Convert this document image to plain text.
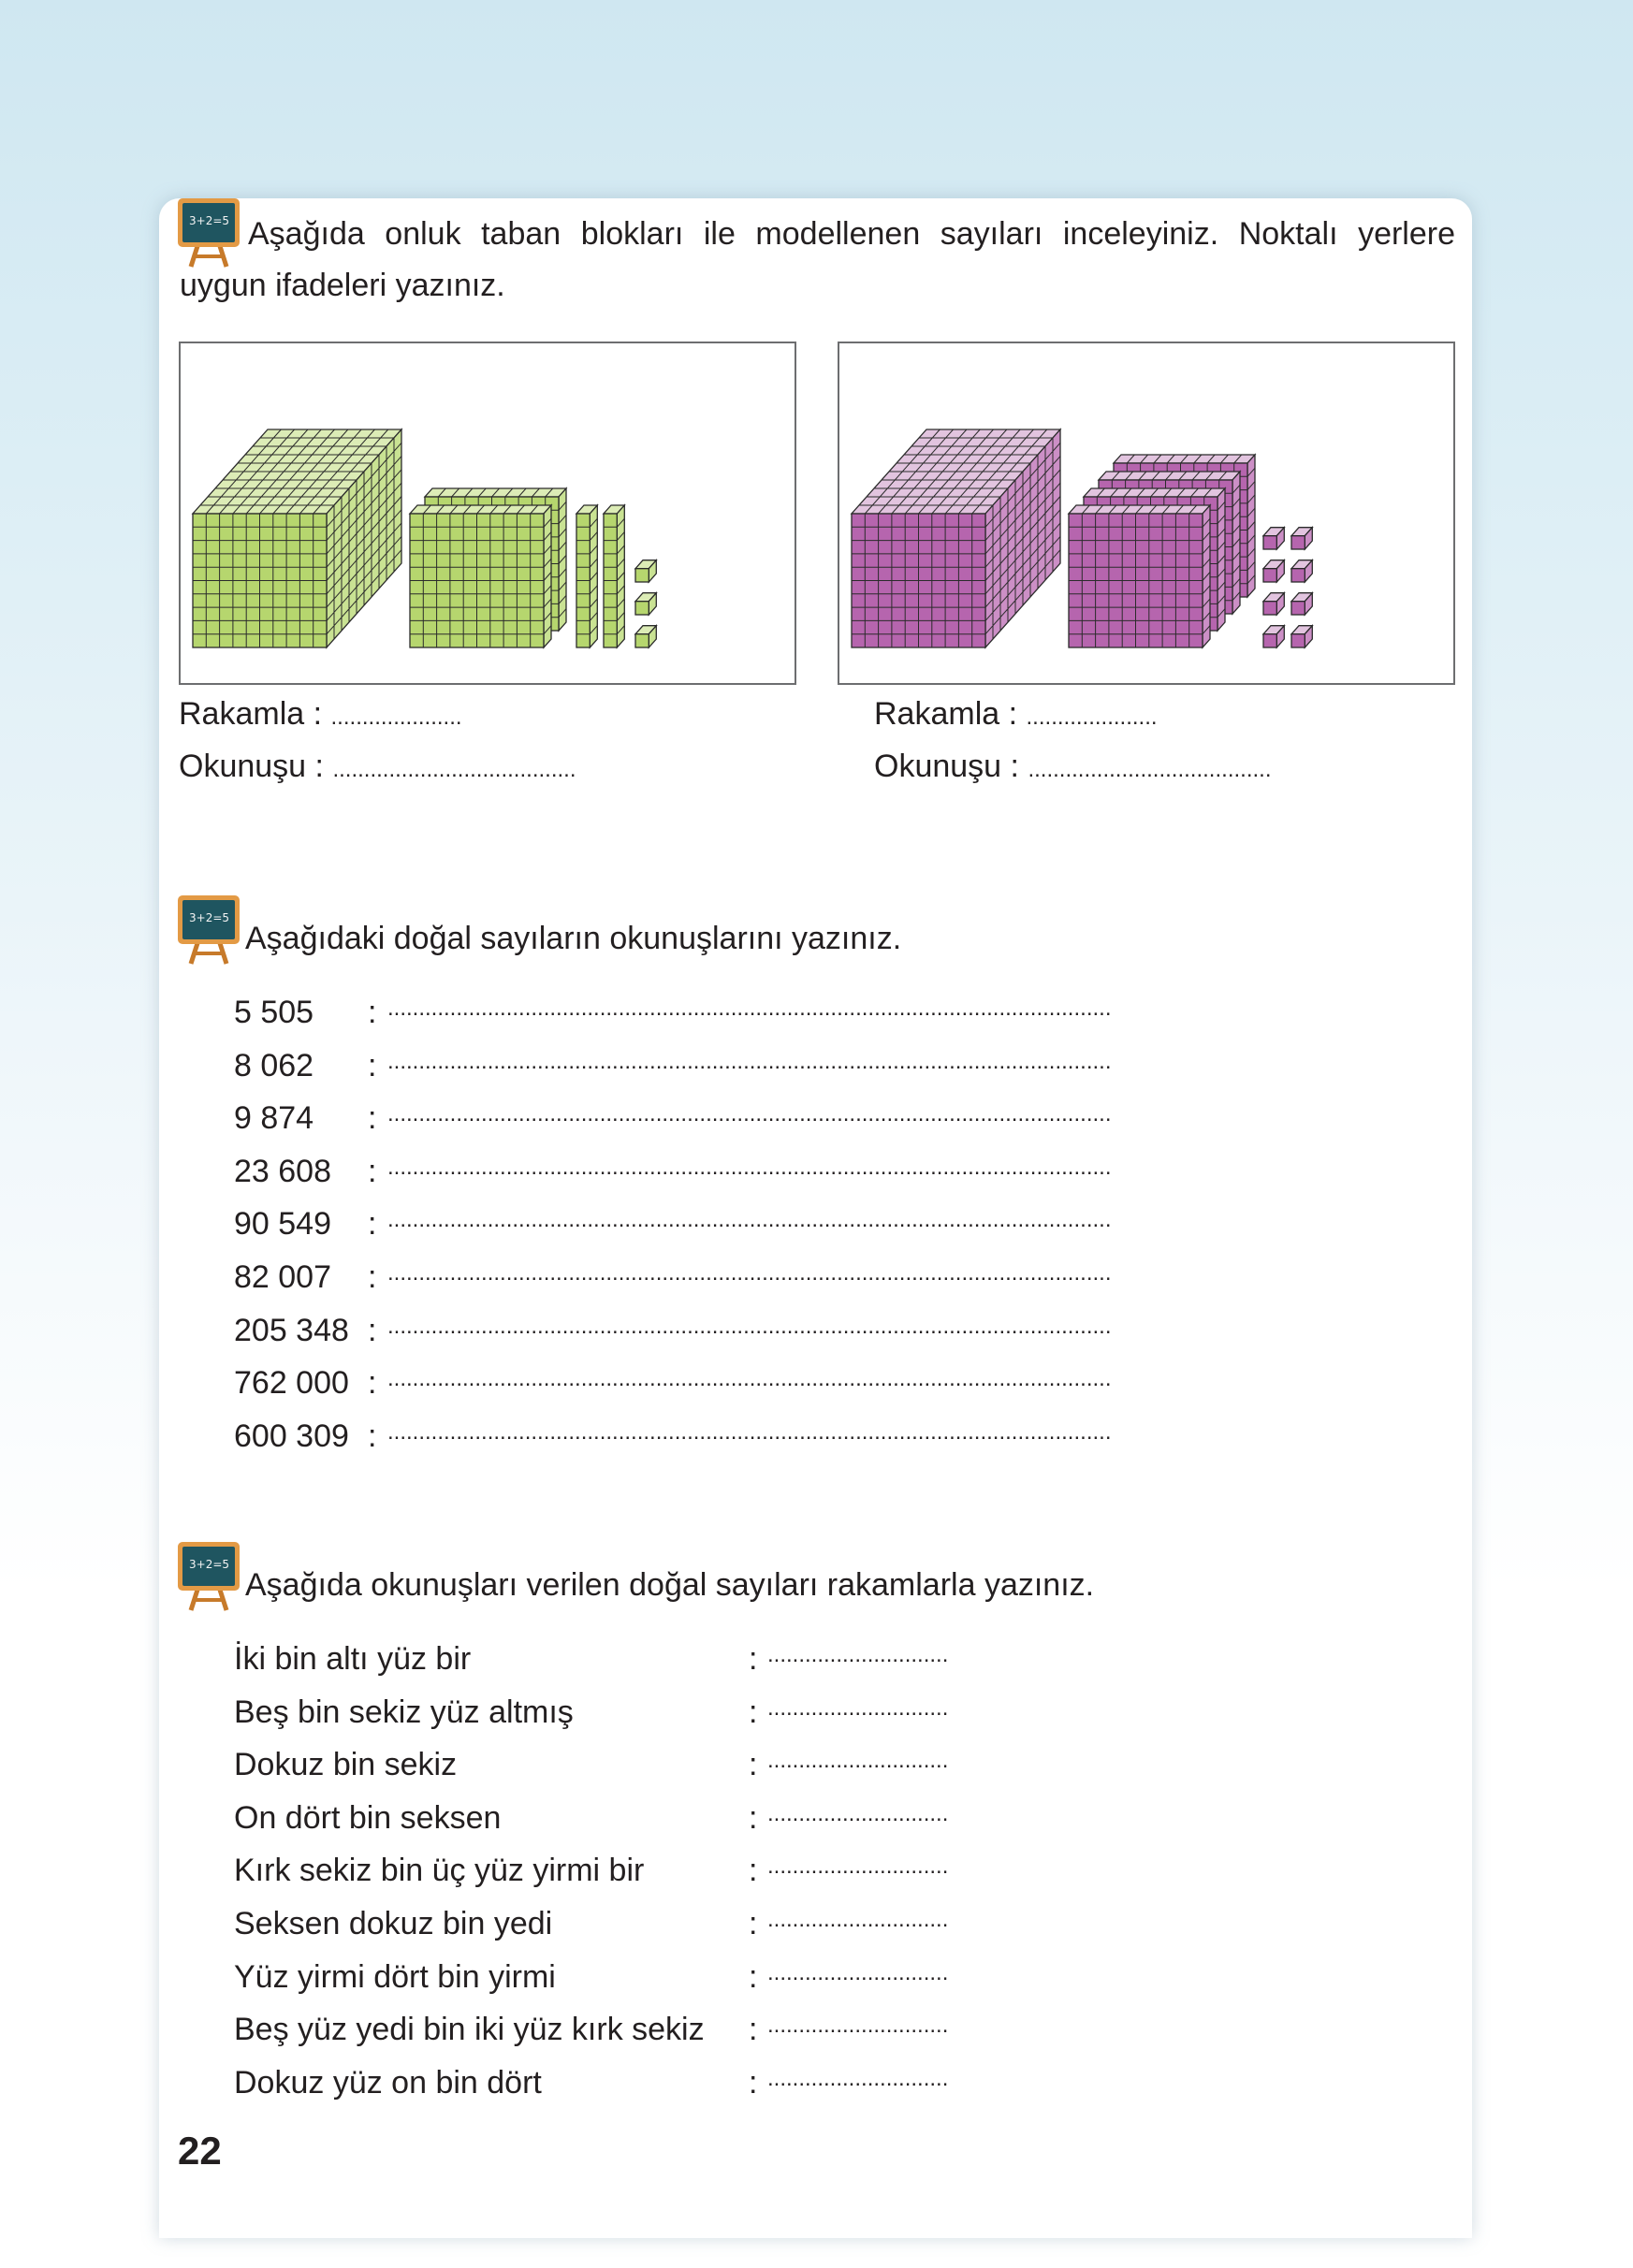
3+2=5 Aşağıda onluk taban blokları ile modellenen sayıları inceleyiniz. Noktalı yerlere
uygun ifadeleri yazınız.
Rakamla : .....................
Okunuşu : .......................................
Rakamla : .....................
Okunuşu : .......................................
3+2=5
Aşağıdaki doğal sayıların okunuşlarını yazınız.
5 505 : ....................................................................................................................
8 062 : ....................................................................................................................
9 874 : ....................................................................................................................
23 608 : ....................................................................................................................
90 549 : ....................................................................................................................
82 007 : ....................................................................................................................
205 348 : ....................................................................................................................
762 000 : ....................................................................................................................
600 309 : ....................................................................................................................
3+2=5
Aşağıda okunuşları verilen doğal sayıları rakamlarla yazınız.
İki bin altı yüz bir	: .............................
Beş bin sekiz yüz altmış	: .............................
Dokuz bin sekiz	: .............................
On dört bin seksen	: .............................
Kırk sekiz bin üç yüz yirmi bir	: .............................
Seksen dokuz bin yedi	: .............................
Yüz yirmi dört bin yirmi	: .............................
Beş yüz yedi bin iki yüz kırk sekiz : .............................
Dokuz yüz on bin dört	: .............................
22
